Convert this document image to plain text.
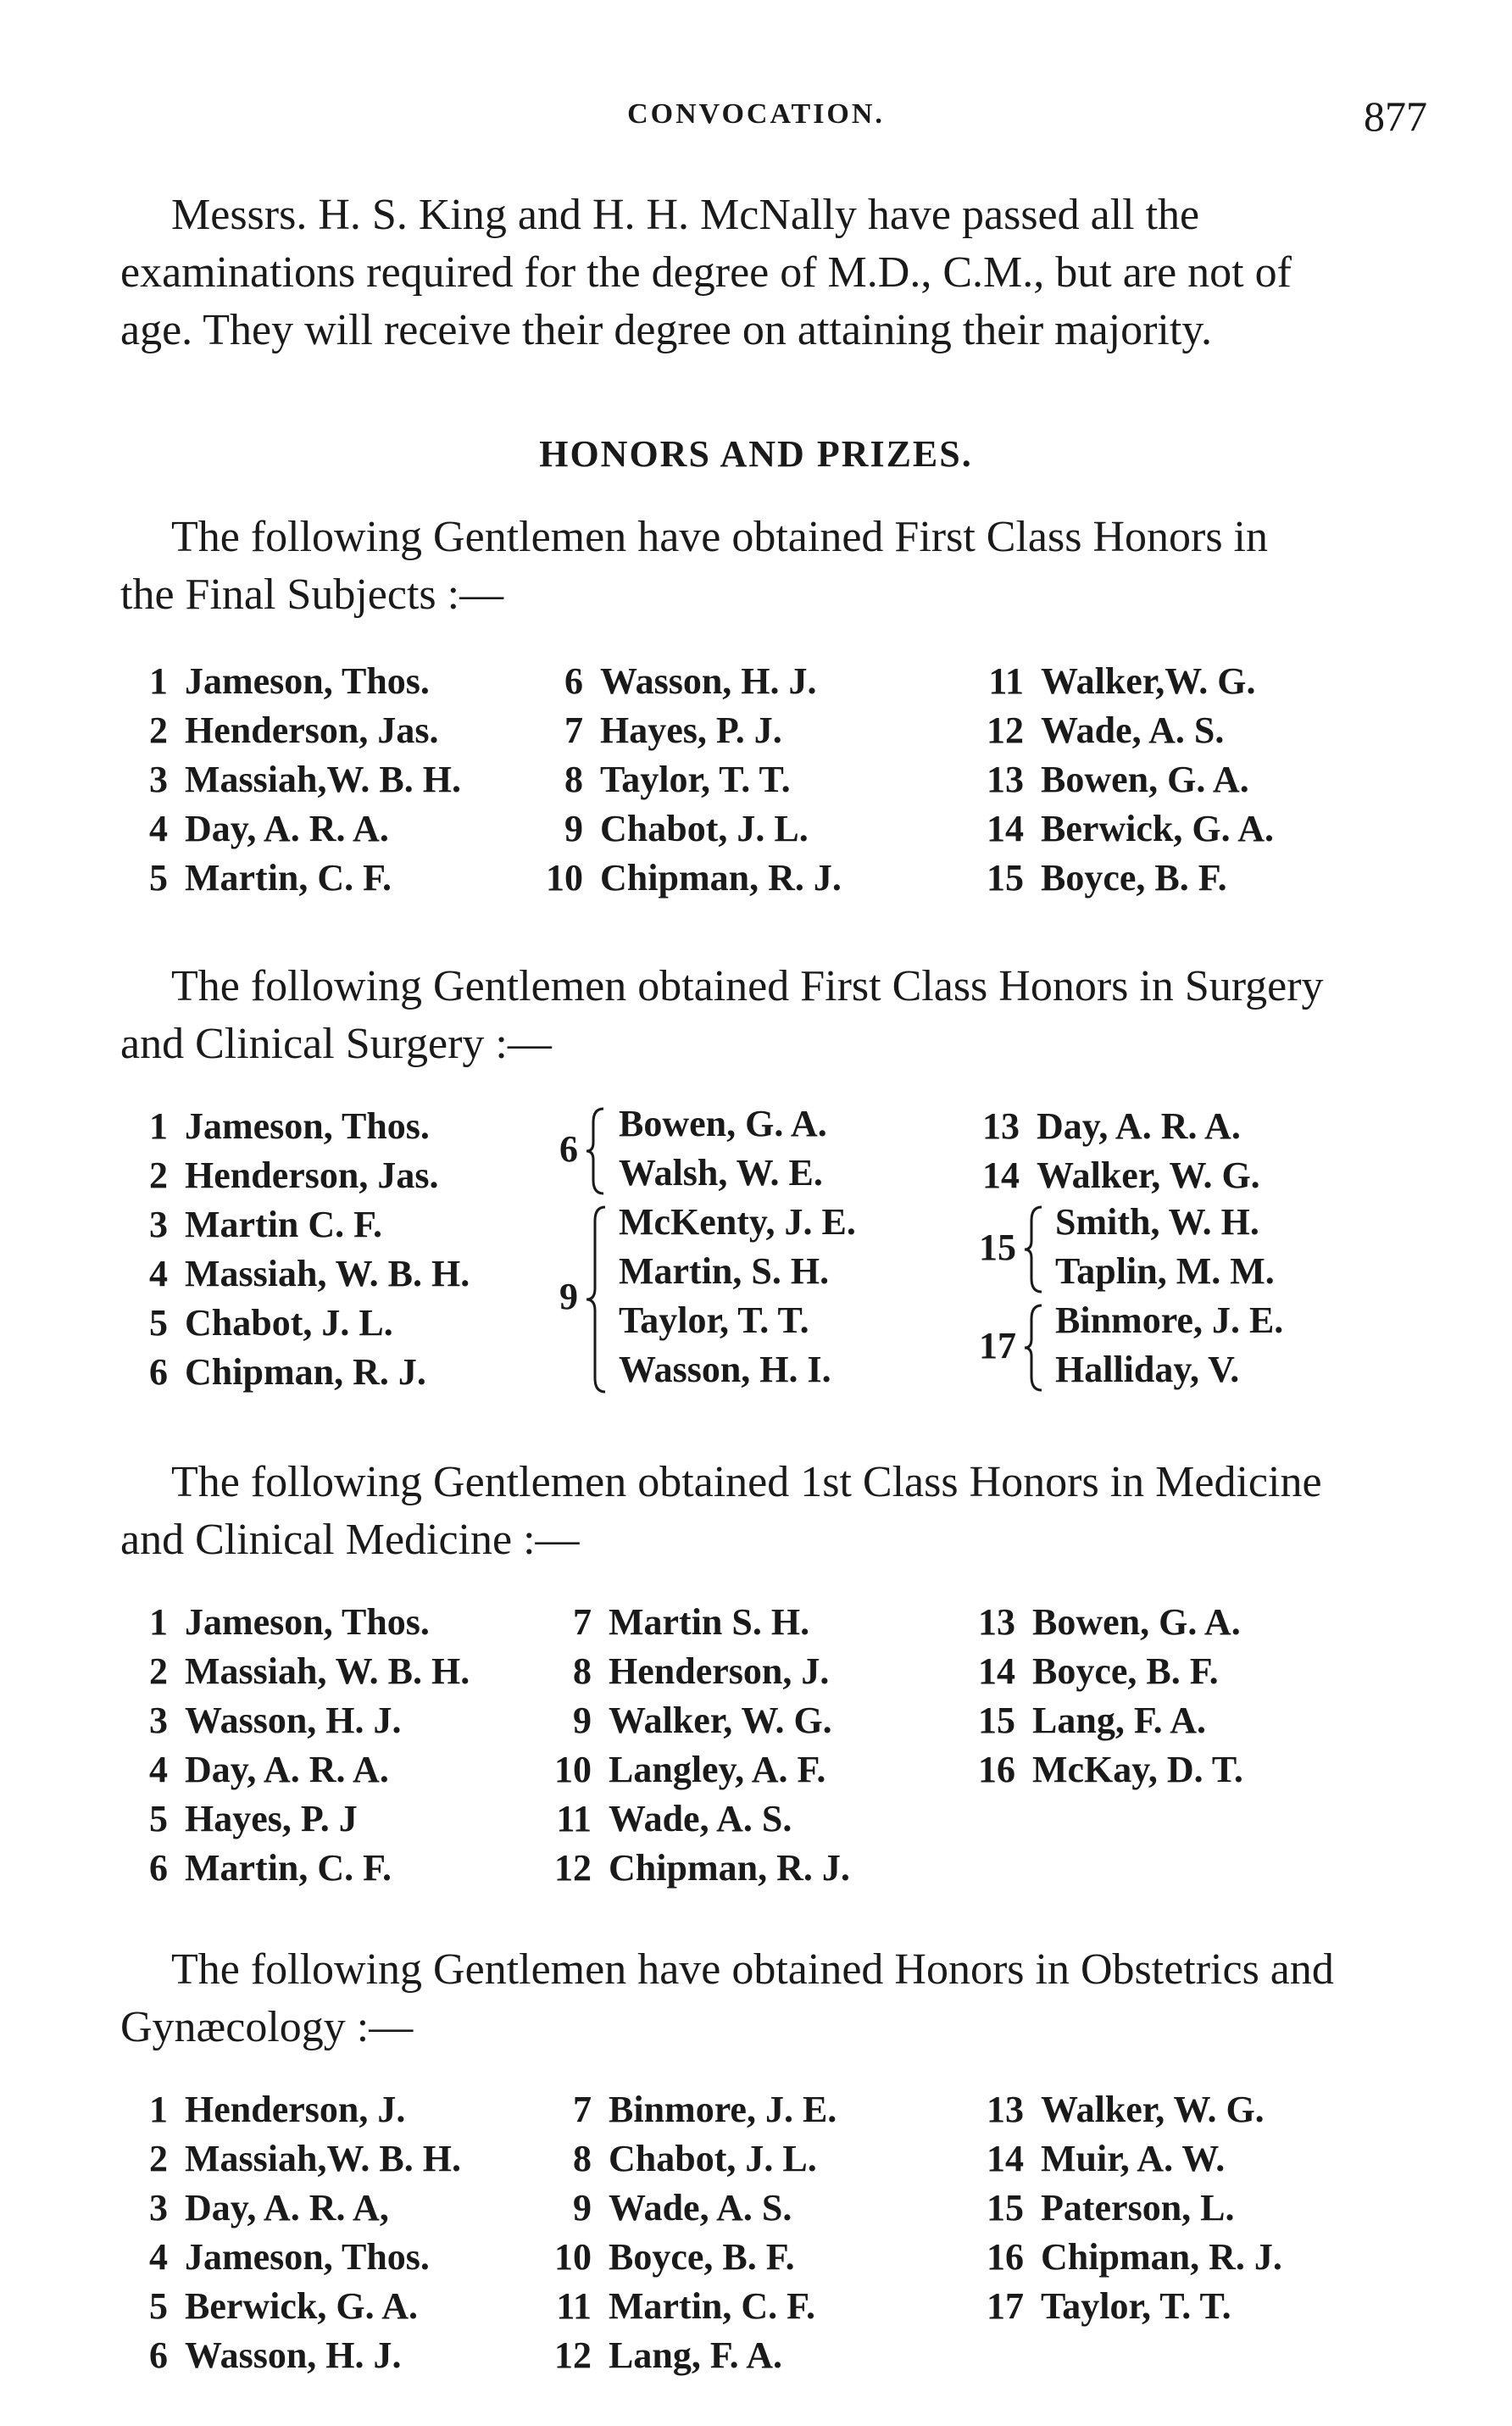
CONVOCATION.	877
Messrs. H. S. King and H. H. McNally have passed all the
examinations required for the degree of M.D., C.M., but are not of
age. They will receive their degree on attaining their majority.
HONORS AND PRIZES.
The following Gentlemen have obtained First Class Honors in
the Final Subjects :—
1 Jameson, Thos.
2 Henderson, Jas.
3 Massiah,W. B. H.
4 Day, A. R. A.
5 Martin, C. F.
6 Wasson, H. J.
7 Hayes, P. J.
8 Taylor, T. T.
9 Chabot, J. L.
10 Chipman, R. J.
11 Walker,W. G.
12 Wade, A. S.
13 Bowen, G. A.
14 Berwick, G. A.
15 Boyce, B. F.
The following Gentlemen obtained First Class Honors in Surgery
and Clinical Surgery :—
1 Jameson, Thos.
2 Henderson, Jas.
3 Martin C. F.
4 Massiah, W. B. H.
5 Chabot, J. L.
6 Chipman, R. J.
6
Bowen, G. A.
Walsh, W. E.
9
McKenty, J. E.
Martin, S. H.
Taylor, T. T.
Wasson, H. I.
13 Day, A. R. A.
14 Walker, W. G.
15
Smith, W. H.
Taplin, M. M.
17
Binmore, J. E.
Halliday, V.
The following Gentlemen obtained 1st Class Honors in Medicine
and Clinical Medicine :—
1 Jameson, Thos.
2 Massiah, W. B. H.
3 Wasson, H. J.
4 Day, A. R. A.
5 Hayes, P. J
6 Martin, C. F.
7 Martin S. H.
8 Henderson, J.
9 Walker, W. G.
10 Langley, A. F.
11 Wade, A. S.
12 Chipman, R. J.
13 Bowen, G. A.
14 Boyce, B. F.
15 Lang, F. A.
16 McKay, D. T.
The following Gentlemen have obtained Honors in Obstetrics and
Gynæcology :—
1 Henderson, J.
2 Massiah,W. B. H.
3 Day, A. R. A,
4 Jameson, Thos.
5 Berwick, G. A.
6 Wasson, H. J.
7 Binmore, J. E.
8 Chabot, J. L.
9 Wade, A. S.
10 Boyce, B. F.
11 Martin, C. F.
12 Lang, F. A.
13 Walker, W. G.
14 Muir, A. W.
15 Paterson, L.
16 Chipman, R. J.
17 Taylor, T. T.
